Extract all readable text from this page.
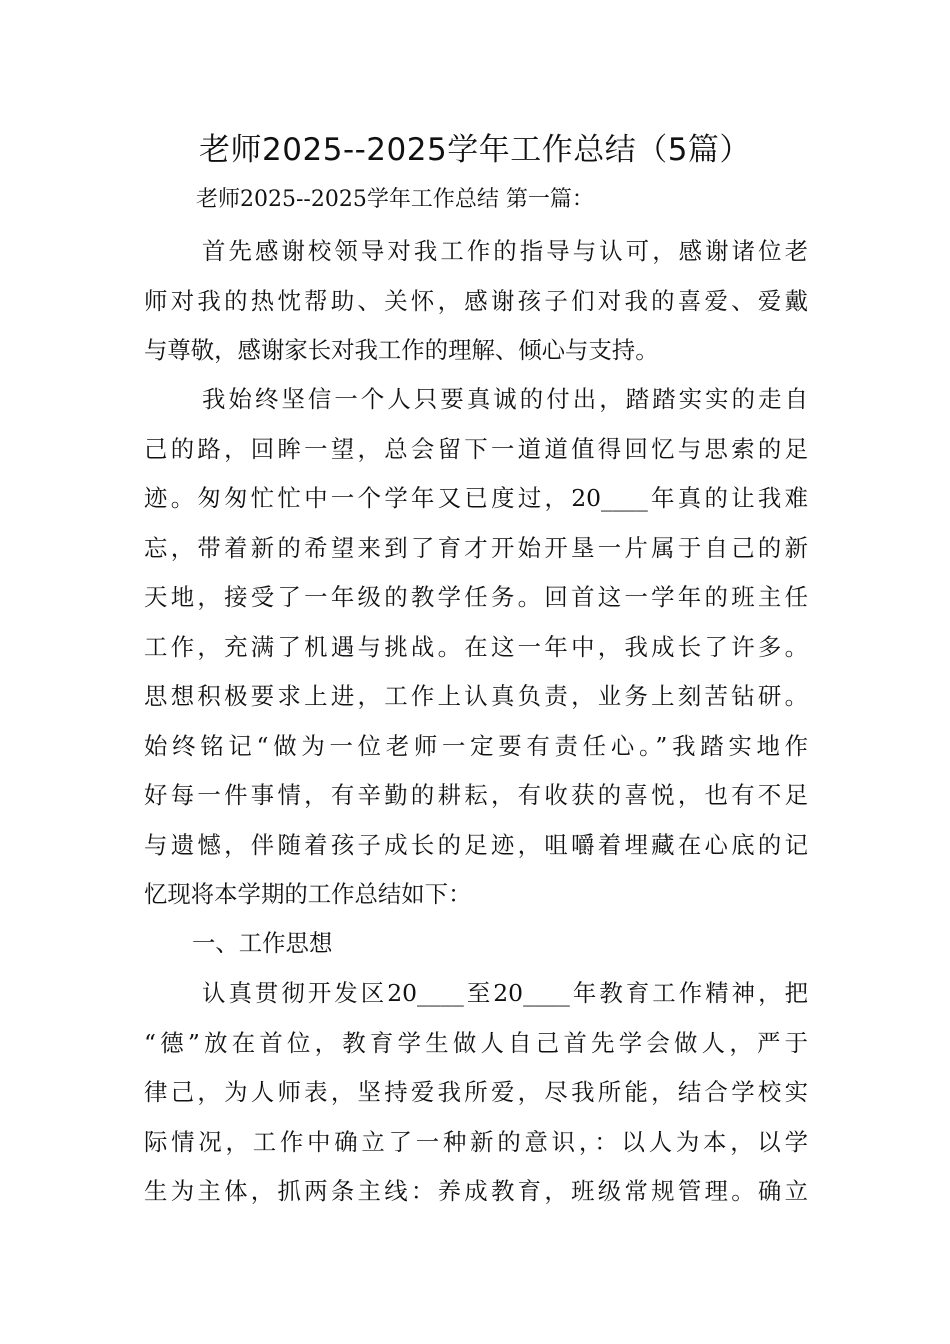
老师2025--2025学年工作总结（5篇）
老师2025--2025学年工作总结 第一篇：
首先感谢校领导对我工作的指导与认可，感谢诸位老
师对我的热忱帮助、关怀，感谢孩子们对我的喜爱、爱戴
与尊敬，感谢家长对我工作的理解、倾心与支持。
我始终坚信一个人只要真诚的付出，踏踏实实的走自
己的路，回眸一望，总会留下一道道值得回忆与思索的足
迹。匆匆忙忙中一个学年又已度过，20____年真的让我难
忘，带着新的希望来到了育才开始开垦一片属于自己的新
天地，接受了一年级的教学任务。回首这一学年的班主任
工作，充满了机遇与挑战。在这一年中，我成长了许多。
思想积极要求上进，工作上认真负责，业务上刻苦钻研。
始终铭记“做为一位老师一定要有责任心。”我踏实地作
好每一件事情，有辛勤的耕耘，有收获的喜悦，也有不足
与遗憾，伴随着孩子成长的足迹，咀嚼着埋藏在心底的记
忆现将本学期的工作总结如下：
一、工作思想
认真贯彻开发区20____至20____年教育工作精神，把
“德”放在首位，教育学生做人自己首先学会做人，严于
律己，为人师表，坚持爱我所爱，尽我所能，结合学校实
际情况，工作中确立了一种新的意识，：以人为本，以学
生为主体，抓两条主线：养成教育，班级常规管理。确立
